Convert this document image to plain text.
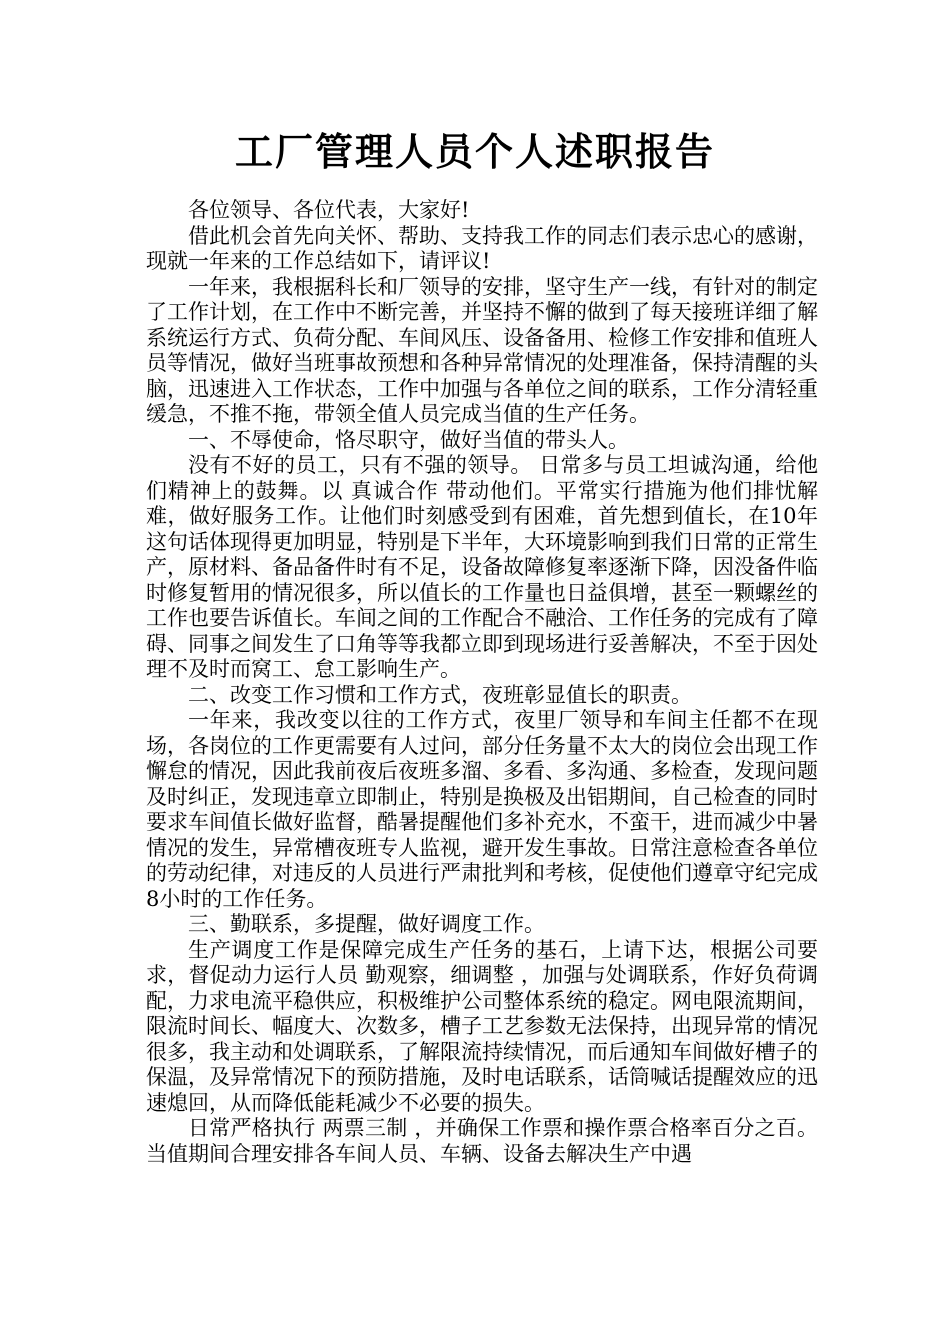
工厂管理人员个人述职报告

各位领导、各位代表，大家好!

借此机会首先向关怀、帮助、支持我工作的同志们表示忠心的感谢，现就一年来的工作总结如下，请评议!

一年来，我根据科长和厂领导的安排，坚守生产一线，有针对的制定了工作计划，在工作中不断完善，并坚持不懈的做到了每天接班详细了解系统运行方式、负荷分配、车间风压、设备备用、检修工作安排和值班人员等情况，做好当班事故预想和各种异常情况的处理准备，保持清醒的头脑，迅速进入工作状态，工作中加强与各单位之间的联系，工作分清轻重缓急，不推不拖，带领全值人员完成当值的生产任务。

一、不辱使命，恪尽职守，做好当值的带头人。

没有不好的员工，只有不强的领导。 日常多与员工坦诚沟通，给他们精神上的鼓舞。以 真诚合作 带动他们。平常实行措施为他们排忧解难，做好服务工作。让他们时刻感受到有困难，首先想到值长，在10年这句话体现得更加明显，特别是下半年，大环境影响到我们日常的正常生产，原材料、备品备件时有不足，设备故障修复率逐渐下降，因没备件临时修复暂用的情况很多，所以值长的工作量也日益俱增，甚至一颗螺丝的工作也要告诉值长。车间之间的工作配合不融洽、工作任务的完成有了障碍、同事之间发生了口角等等我都立即到现场进行妥善解决，不至于因处理不及时而窝工、怠工影响生产。

二、改变工作习惯和工作方式，夜班彰显值长的职责。

一年来，我改变以往的工作方式，夜里厂领导和车间主任都不在现场，各岗位的工作更需要有人过问，部分任务量不太大的岗位会出现工作懈怠的情况，因此我前夜后夜班多溜、多看、多沟通、多检查，发现问题及时纠正，发现违章立即制止，特别是换极及出铝期间，自己检查的同时要求车间值长做好监督，酷暑提醒他们多补充水，不蛮干，进而减少中暑情况的发生，异常槽夜班专人监视，避开发生事故。日常注意检查各单位的劳动纪律，对违反的人员进行严肃批判和考核，促使他们遵章守纪完成8小时的工作任务。

三、勤联系，多提醒，做好调度工作。

生产调度工作是保障完成生产任务的基石，上请下达，根据公司要求，督促动力运行人员 勤观察，细调整 ，加强与处调联系，作好负荷调配，力求电流平稳供应，积极维护公司整体系统的稳定。网电限流期间，限流时间长、幅度大、次数多，槽子工艺参数无法保持，出现异常的情况很多，我主动和处调联系，了解限流持续情况，而后通知车间做好槽子的保温，及异常情况下的预防措施，及时电话联系，话筒喊话提醒效应的迅速熄回，从而降低能耗减少不必要的损失。

日常严格执行 两票三制 ，并确保工作票和操作票合格率百分之百。当值期间合理安排各车间人员、车辆、设备去解决生产中遇
